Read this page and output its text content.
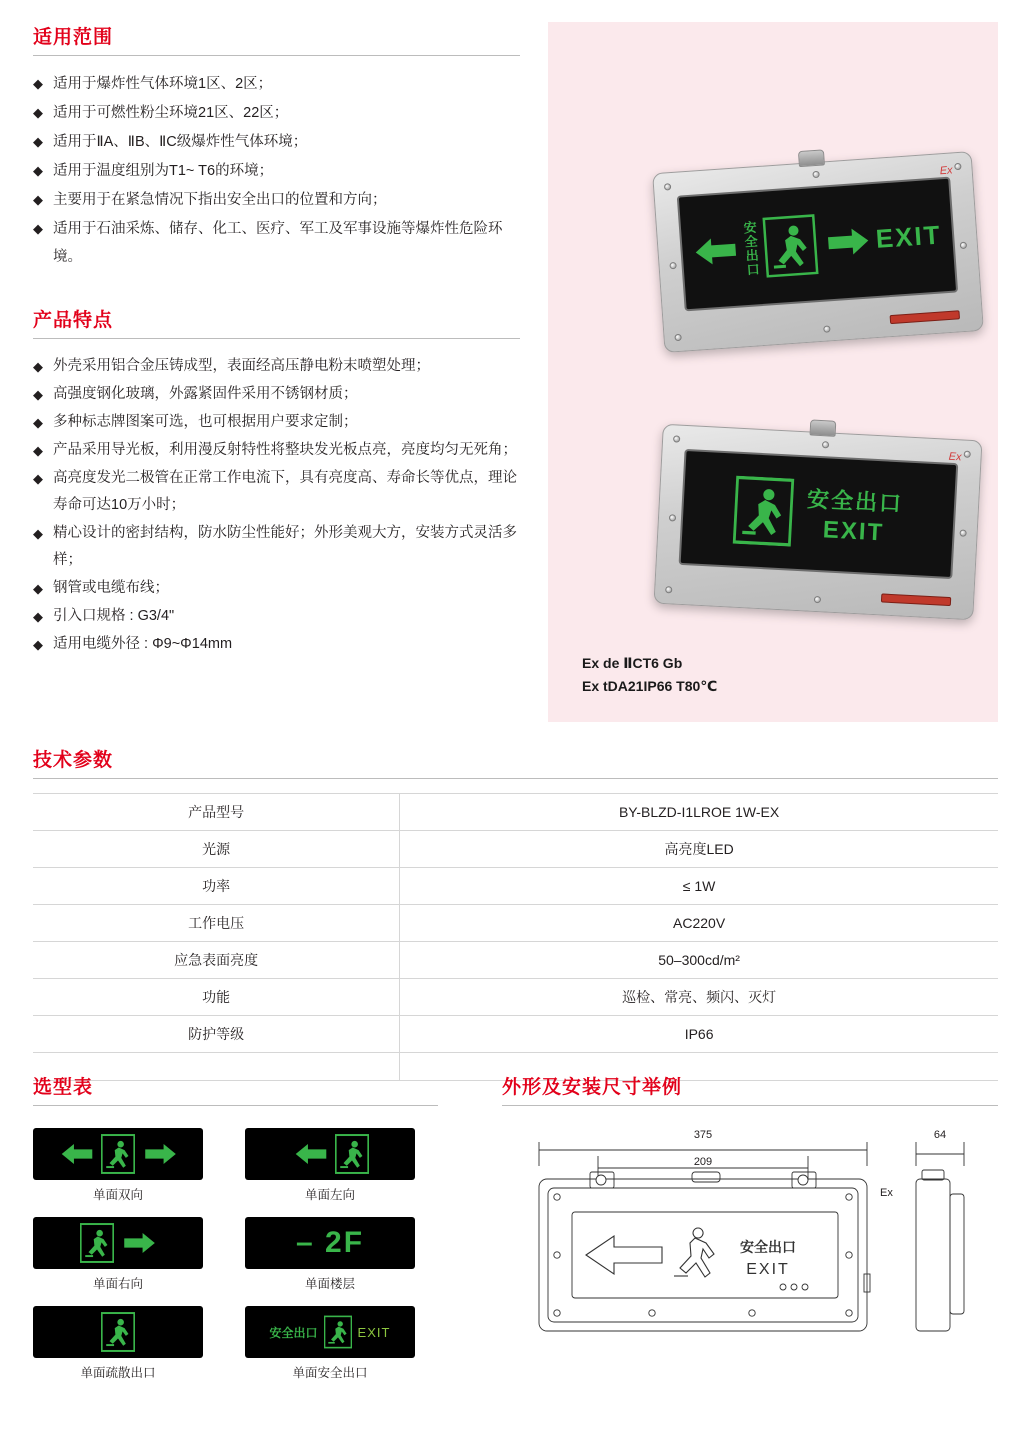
适用范围
◆ 适用于爆炸性气体环境1区、2区；
◆ 适用于可燃性粉尘环境21区、22区；
◆ 适用于ⅡA、ⅡB、ⅡC级爆炸性气体环境；
◆ 适用于温度组别为T1~ T6的环境；
◆ 主要用于在紧急情况下指出安全出口的位置和方向；
◆ 适用于石油采炼、储存、化工、医疗、军工及军事设施等爆炸性危险环境。
产品特点
◆ 外壳采用铝合金压铸成型，表面经高压静电粉末喷塑处理；
◆ 高强度钢化玻璃，外露紧固件采用不锈钢材质；
◆ 多种标志牌图案可选，也可根据用户要求定制；
◆ 产品采用导光板，利用漫反射特性将整块发光板点亮，亮度均匀无死角；
◆ 高亮度发光二极管在正常工作电流下，具有亮度高、寿命长等优点，理论寿命可达10万小时；
◆ 精心设计的密封结构，防水防尘性能好；外形美观大方，安装方式灵活多样；
◆ 钢管或电缆布线；
◆ 引入口规格 : G3/4"
◆ 适用电缆外径 : Φ9~Φ14mm
Ex
安全出口	EXIT
Ex
安全出口
EXIT
Ex de ⅡCT6 Gb
Ex tDA21IP66 T80℃
技术参数
产品型号	BY-BLZD-I1LROE 1W-EX
光源	高亮度LED
功率	≤ 1W
工作电压	AC220V
应急表面亮度	50–300cd/m²
功能	巡检、常亮、频闪、灭灯
防护等级	IP66

选型表
单面双向	单面左向
单面右向
– 2F
单面楼层
单面疏散出口
安全出口	EXIT
单面安全出口
外形及安装尺寸举例
375
209
64
Ex
安全出口
EXIT
